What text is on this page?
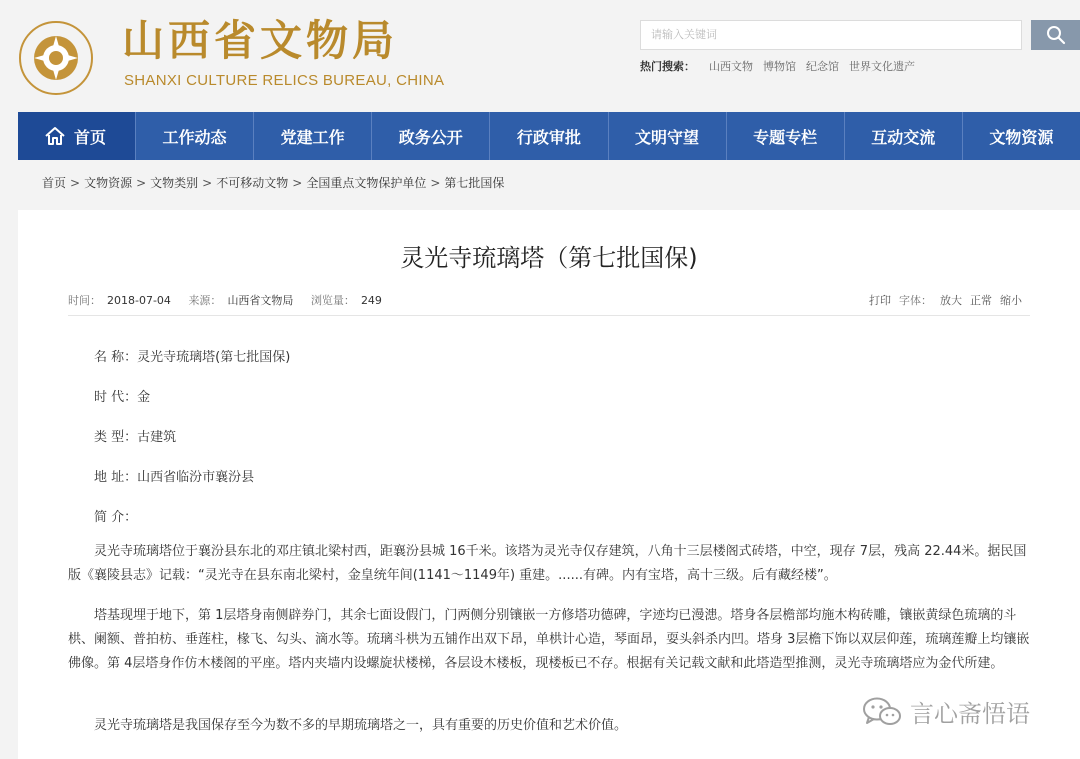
山西省文物局
SHANXI CULTURE RELICS BUREAU, CHINA
请输入关键词
热门搜索： 山西文物 博物馆 纪念馆 世界文化遗产
首页	工作动态	党建工作	政务公开	行政审批	文明守望	专题专栏	互动交流	文物资源
首页 > 文物资源 > 文物类别 > 不可移动文物 > 全国重点文物保护单位 > 第七批国保
灵光寺琉璃塔（第七批国保)
时间： 2018-07-04 来源： 山西省文物局 浏览量： 249	打印 字体： 放大 正常 缩小
名 称：灵光寺琉璃塔(第七批国保)
时 代：金
类 型：古建筑
地 址：山西省临汾市襄汾县
简 介：

灵光寺琉璃塔位于襄汾县东北的邓庄镇北梁村西，距襄汾县城 16千米。该塔为灵光寺仅存建筑，八角十三层楼阁式砖塔，中空，现存 7层，残高 22.44米。据民国版《襄陵县志》记载：“灵光寺在县东南北梁村，金皇统年间(1141～1149年) 重建。......有碑。内有宝塔，高十三级。后有藏经楼”。

塔基现埋于地下，第 1层塔身南侧辟券门，其余七面设假门，门两侧分别镶嵌一方修塔功德碑，字迹均已漫漶。塔身各层檐部均施木构砖雕，镶嵌黄绿色琉璃的斗栱、阑额、普拍枋、垂莲柱，椽飞、勾头、滴水等。琉璃斗栱为五铺作出双下昂，单栱计心造，琴面昂，耍头斜杀内凹。塔身 3层檐下饰以双层仰莲，琉璃莲瓣上均镶嵌佛像。第 4层塔身作仿木楼阁的平座。塔内夹墙内设螺旋状楼梯，各层设木楼板，现楼板已不存。根据有关记载文献和此塔造型推测，灵光寺琉璃塔应为金代所建。

灵光寺琉璃塔是我国保存至今为数不多的早期琉璃塔之一，具有重要的历史价值和艺术价值。	言心斋悟语
